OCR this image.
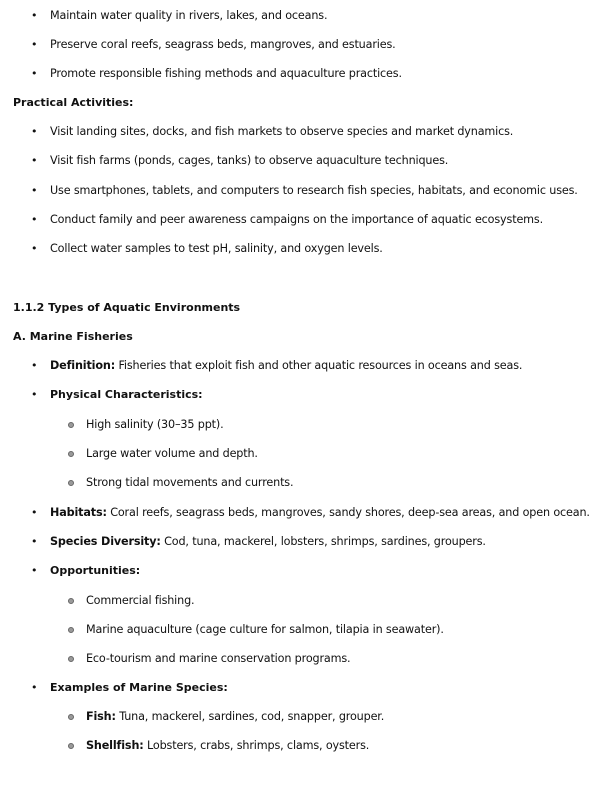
•
Maintain water quality in rivers, lakes, and oceans.
•
Preserve coral reefs, seagrass beds, mangroves, and estuaries.
•
Promote responsible fishing methods and aquaculture practices.
Practical Activities:
•
Visit landing sites, docks, and fish markets to observe species and market dynamics.
•
Visit fish farms (ponds, cages, tanks) to observe aquaculture techniques.
•
Use smartphones, tablets, and computers to research fish species, habitats, and economic uses.
•
Conduct family and peer awareness campaigns on the importance of aquatic ecosystems.
•
Collect water samples to test pH, salinity, and oxygen levels.
1.1.2 Types of Aquatic Environments
A. Marine Fisheries
•
Definition: Fisheries that exploit fish and other aquatic resources in oceans and seas.
•
Physical Characteristics:
High salinity (30–35 ppt).
Large water volume and depth.
Strong tidal movements and currents.
•
Habitats: Coral reefs, seagrass beds, mangroves, sandy shores, deep-sea areas, and open ocean.
•
Species Diversity: Cod, tuna, mackerel, lobsters, shrimps, sardines, groupers.
•
Opportunities:
Commercial fishing.
Marine aquaculture (cage culture for salmon, tilapia in seawater).
Eco-tourism and marine conservation programs.
•
Examples of Marine Species:
Fish: Tuna, mackerel, sardines, cod, snapper, grouper.
Shellfish: Lobsters, crabs, shrimps, clams, oysters.
